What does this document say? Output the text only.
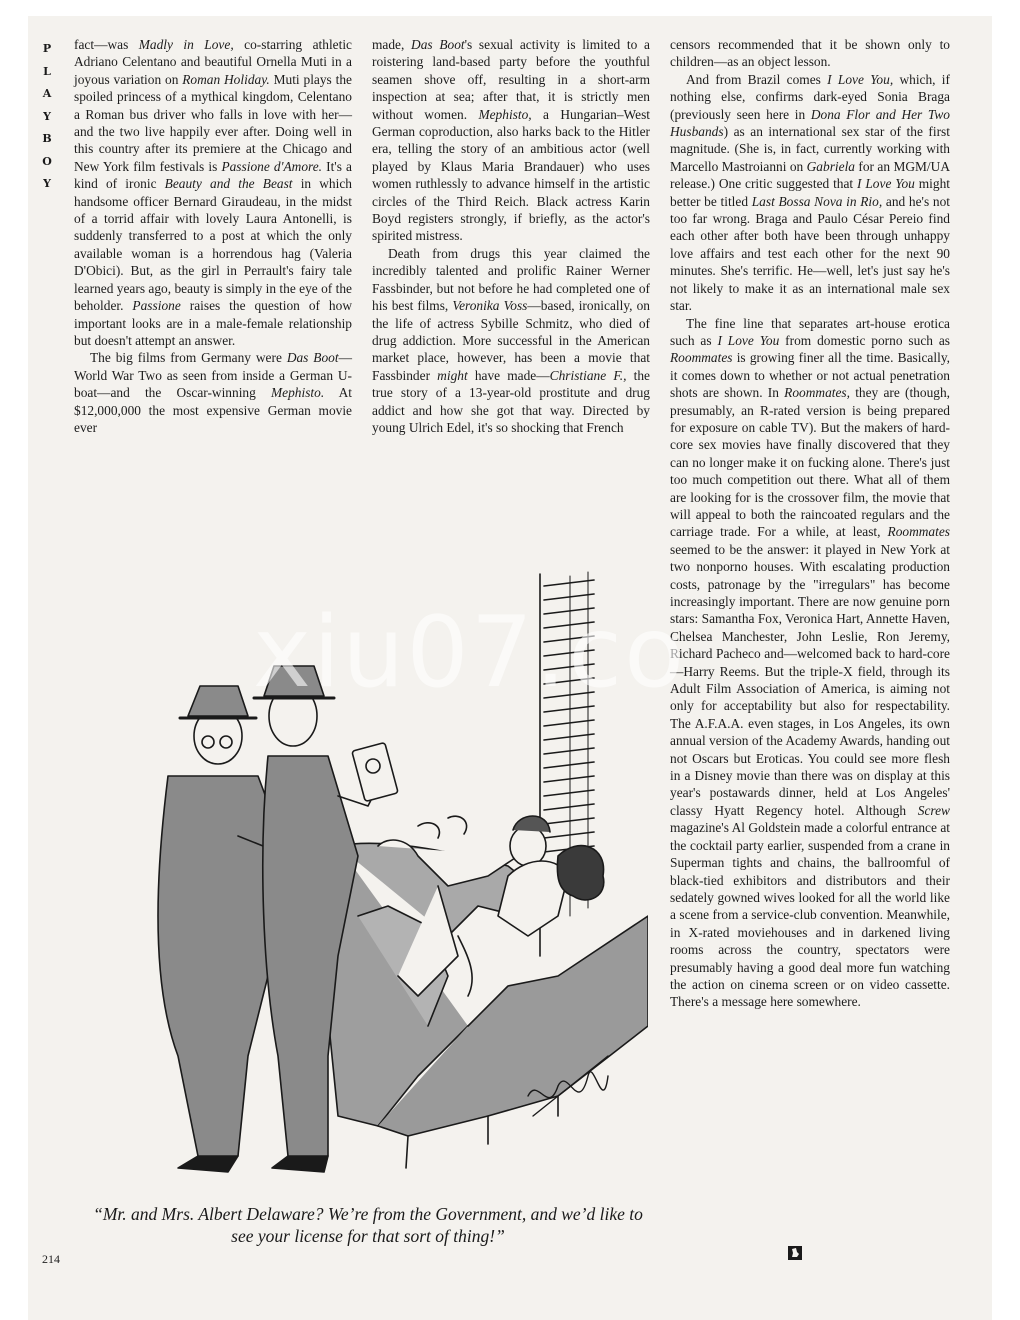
P
L
A
Y
B
O
Y

fact—was Madly in Love, co-starring athletic Adriano Celentano and beautiful Ornella Muti in a joyous variation on Roman Holiday. Muti plays the spoiled princess of a mythical kingdom, Celentano a Roman bus driver who falls in love with her—and the two live happily ever after. Doing well in this country after its premiere at the Chicago and New York film festivals is Passione d'Amore. It's a kind of ironic Beauty and the Beast in which handsome officer Bernard Giraudeau, in the midst of a torrid affair with lovely Laura Antonelli, is suddenly transferred to a post at which the only available woman is a horrendous hag (Valeria D'Obici). But, as the girl in Perrault's fairy tale learned years ago, beauty is simply in the eye of the beholder. Passione raises the question of how important looks are in a male-female relationship but doesn't attempt an answer.

The big films from Germany were Das Boot—World War Two as seen from inside a German U-boat—and the Oscar-winning Mephisto. At $12,000,000 the most expensive German movie ever

made, Das Boot's sexual activity is limited to a roistering land-based party before the youthful seamen shove off, resulting in a short-arm inspection at sea; after that, it is strictly men without women. Mephisto, a Hungarian–West German coproduction, also harks back to the Hitler era, telling the story of an ambitious actor (well played by Klaus Maria Brandauer) who uses women ruthlessly to advance himself in the artistic circles of the Third Reich. Black actress Karin Boyd registers strongly, if briefly, as the actor's spirited mistress.

Death from drugs this year claimed the incredibly talented and prolific Rainer Werner Fassbinder, but not before he had completed one of his best films, Veronika Voss—based, ironically, on the life of actress Sybille Schmitz, who died of drug addiction. More successful in the American market place, however, has been a movie that Fassbinder might have made—Christiane F., the true story of a 13-year-old prostitute and drug addict and how she got that way. Directed by young Ulrich Edel, it's so shocking that French

censors recommended that it be shown only to children—as an object lesson.

And from Brazil comes I Love You, which, if nothing else, confirms dark-eyed Sonia Braga (previously seen here in Dona Flor and Her Two Husbands) as an international sex star of the first magnitude. (She is, in fact, currently working with Marcello Mastroianni on Gabriela for an MGM/UA release.) One critic suggested that I Love You might better be titled Last Bossa Nova in Rio, and he's not too far wrong. Braga and Paulo César Pereio find each other after both have been through unhappy love affairs and test each other for the next 90 minutes. She's terrific. He—well, let's just say he's not likely to make it as an international male sex star.

The fine line that separates art-house erotica such as I Love You from domestic porno such as Roommates is growing finer all the time. Basically, it comes down to whether or not actual penetration shots are shown. In Roommates, they are (though, presumably, an R-rated version is being prepared for exposure on cable TV). But the makers of hard-core sex movies have finally discovered that they can no longer make it on fucking alone. There's just too much competition out there. What all of them are looking for is the crossover film, the movie that will appeal to both the raincoated regulars and the carriage trade. For a while, at least, Roommates seemed to be the answer: it played in New York at two nonporno houses. With escalating production costs, patronage by the "irregulars" has become increasingly important. There are now genuine porn stars: Samantha Fox, Veronica Hart, Annette Haven, Chelsea Manchester, John Leslie, Ron Jeremy, Richard Pacheco and—welcomed back to hard-core—Harry Reems. But the triple-X field, through its Adult Film Association of America, is aiming not only for acceptability but also for respectability. The A.F.A.A. even stages, in Los Angeles, its own annual version of the Academy Awards, handing out not Oscars but Eroticas. You could see more flesh in a Disney movie than there was on display at this year's postawards dinner, held at Los Angeles' classy Hyatt Regency hotel. Although Screw magazine's Al Goldstein made a colorful entrance at the cocktail party earlier, suspended from a crane in Superman tights and chains, the ballroomful of black-tied exhibitors and distributors and their sedately gowned wives looked for all the world like a scene from a service-club convention. Meanwhile, in X-rated moviehouses and in darkened living rooms across the country, spectators were presumably having a good deal more fun watching the action on cinema screen or on video cassette. There's a message here somewhere.

“Mr. and Mrs. Albert Delaware? We’re from the Government, and we’d like to see your license for that sort of thing!”
214
xiu07.co
